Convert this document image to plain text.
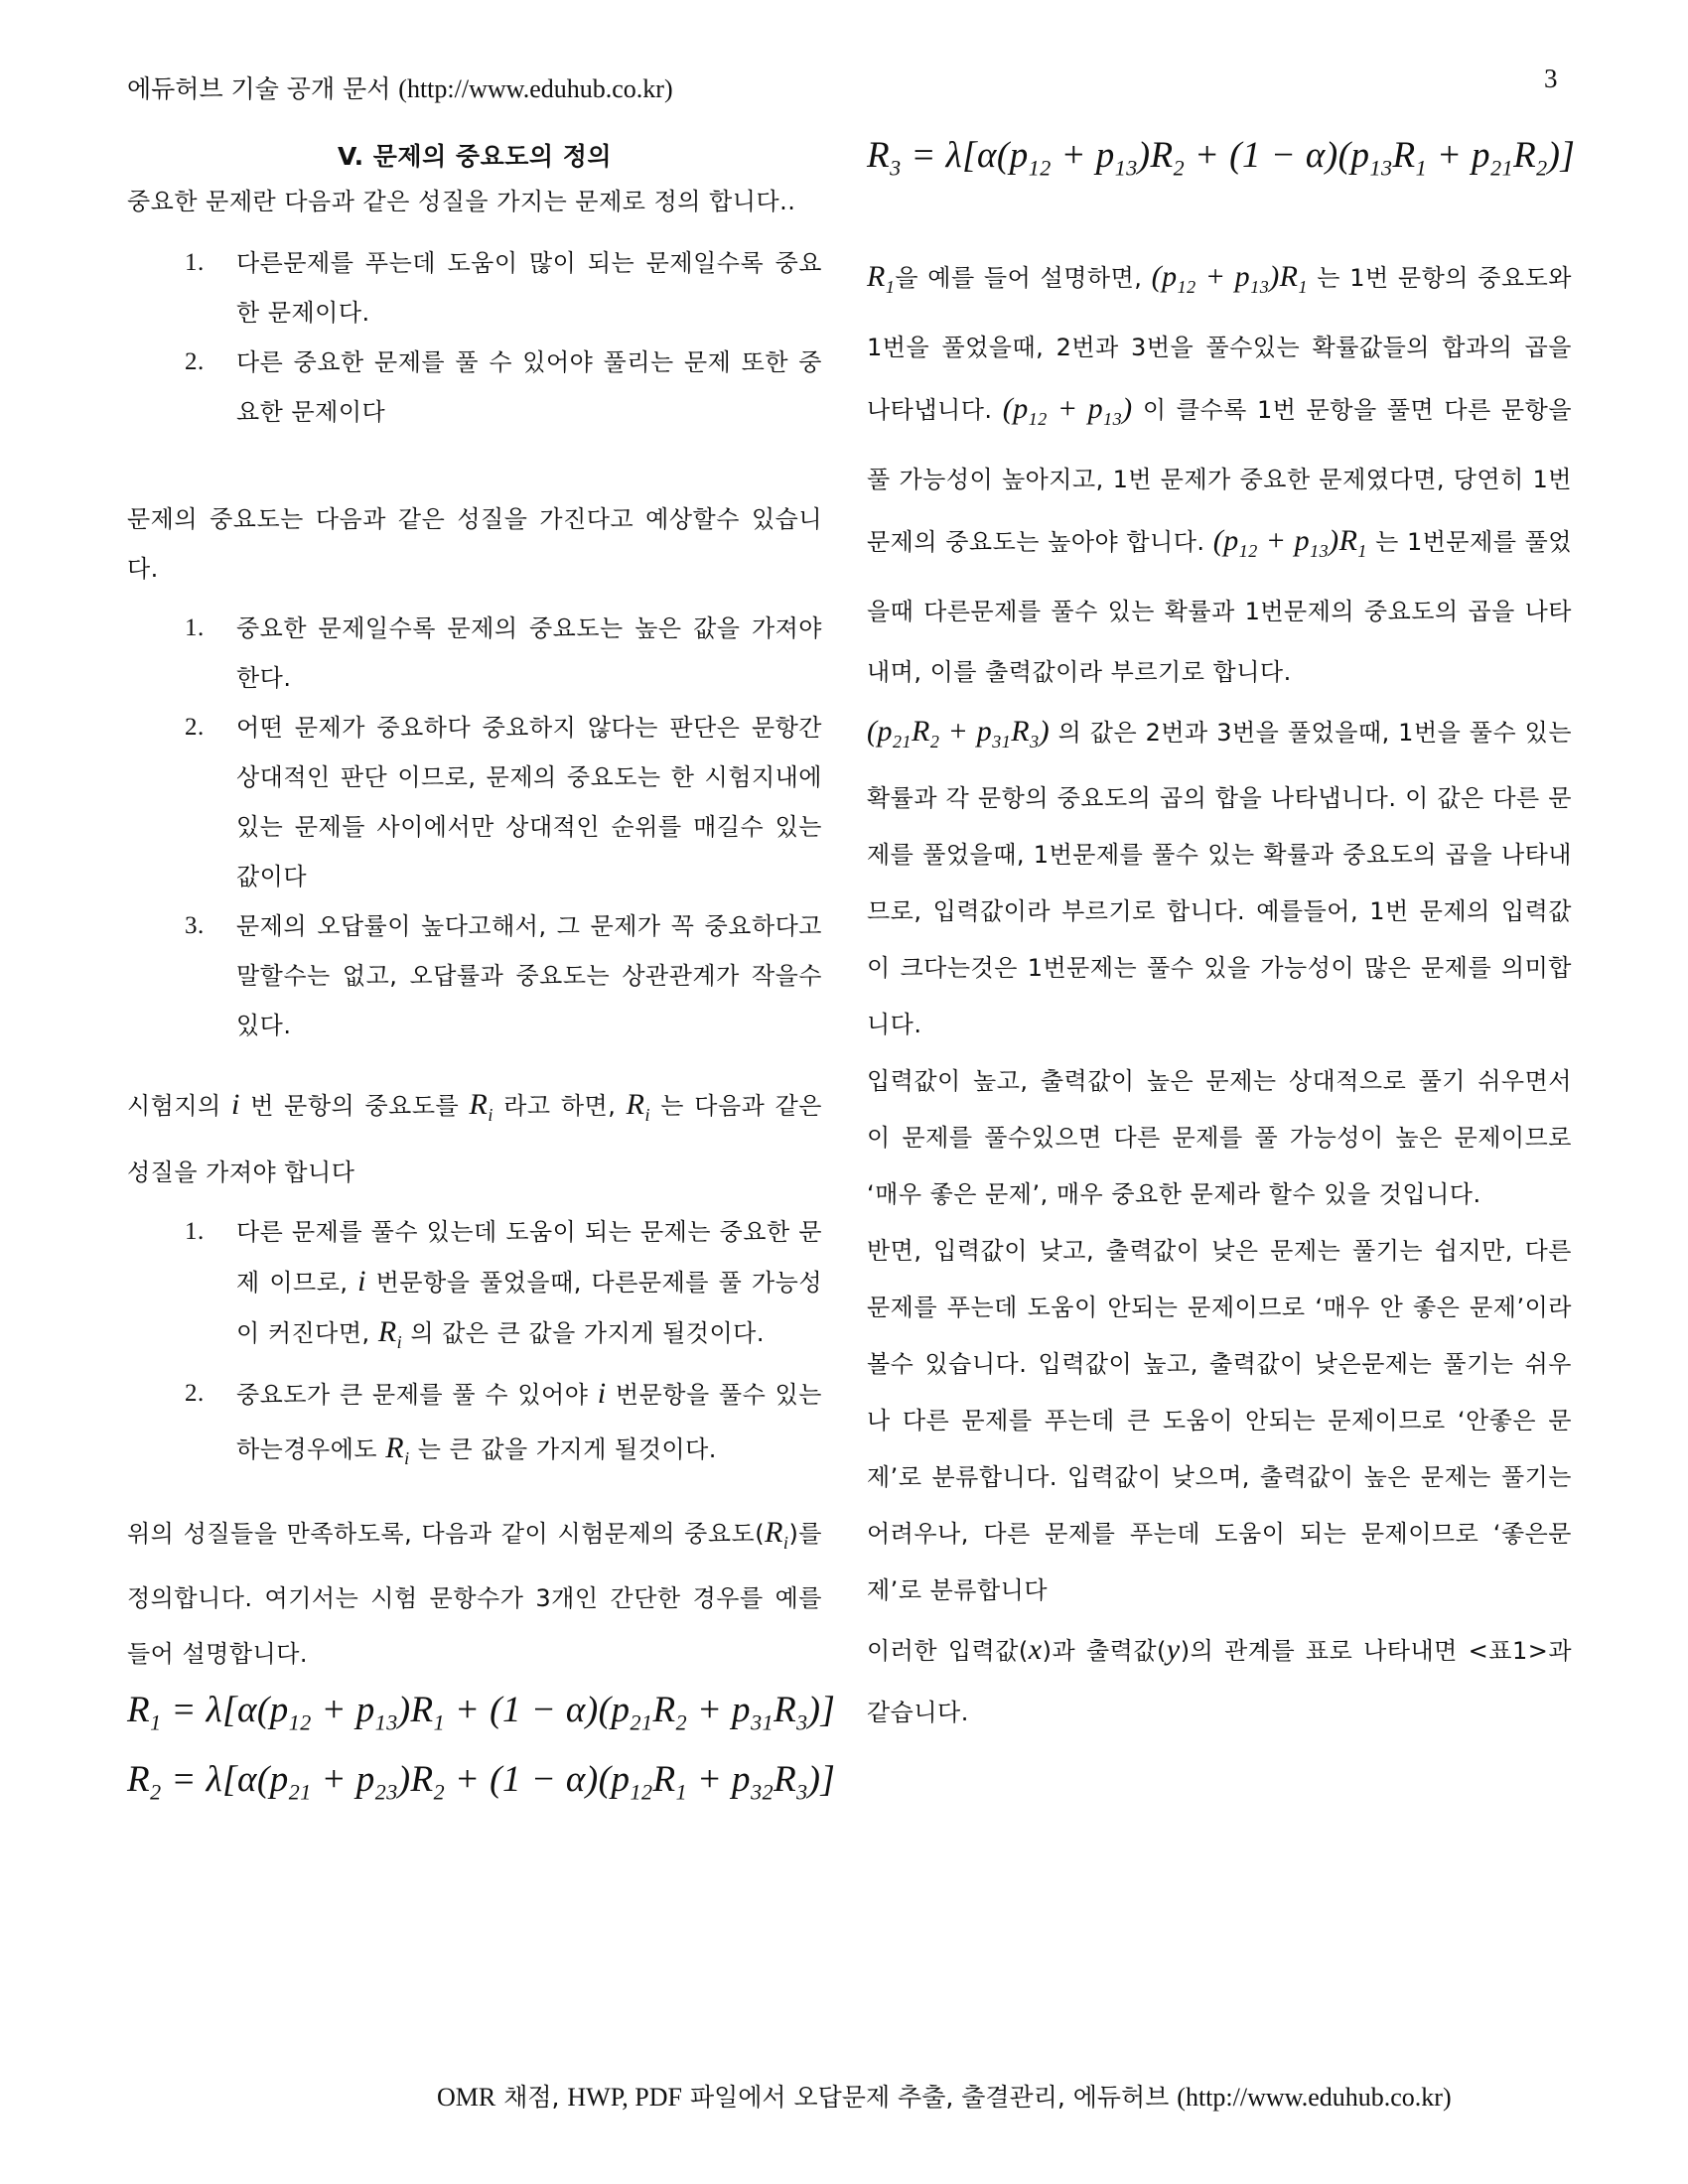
에듀허브 기술 공개 문서 (http://www.eduhub.co.kr)	3

V. 문제의 중요도의 정의

중요한 문제란 다음과 같은 성질을 가지는 문제로 정의 합니다..

1. 다른문제를 푸는데 도움이 많이 되는 문제일수록 중요한 문제이다.
2. 다른 중요한 문제를 풀 수 있어야 풀리는 문제 또한 중요한 문제이다

문제의 중요도는 다음과 같은 성질을 가진다고 예상할수 있습니다.

1. 중요한 문제일수록 문제의 중요도는 높은 값을 가져야 한다.
2. 어떤 문제가 중요하다 중요하지 않다는 판단은 문항간 상대적인 판단 이므로, 문제의 중요도는 한 시험지내에 있는 문제들 사이에서만 상대적인 순위를 매길수 있는 값이다
3. 문제의 오답률이 높다고해서, 그 문제가 꼭 중요하다고 말할수는 없고, 오답률과 중요도는 상관관계가 작을수 있다.

시험지의 i 번 문항의 중요도를 $R_i$ 라고 하면, $R_i$ 는 다음과 같은 성질을 가져야 합니다

1. 다른 문제를 풀수 있는데 도움이 되는 문제는 중요한 문제 이므로, i 번문항을 풀었을때, 다른문제를 풀 가능성이 커진다면, $R_i$ 의 값은 큰 값을 가지게 될것이다.
2. 중요도가 큰 문제를 풀 수 있어야 i 번문항을 풀수 있는 하는경우에도 $R_i$ 는 큰 값을 가지게 될것이다.

위의 성질들을 만족하도록, 다음과 같이 시험문제의 중요도$(R_i)$를 정의합니다. 여기서는 시험 문항수가 3개인 간단한 경우를 예를 들어 설명합니다.

$R_1 = \lambda[\alpha(p_{12} + p_{13})R_1 + (1 - \alpha)(p_{21}R_2 + p_{31}R_3)]$
$R_2 = \lambda[\alpha(p_{21} + p_{23})R_2 + (1 - \alpha)(p_{12}R_1 + p_{32}R_3)]$
$R_3 = \lambda[\alpha(p_{12} + p_{13})R_2 + (1 - \alpha)(p_{13}R_1 + p_{21}R_2)]$

$R_1$을 예를 들어 설명하면, $(p_{12} + p_{13})R_1$ 는 1번 문항의 중요도와 1번을 풀었을때, 2번과 3번을 풀수있는 확률값들의 합과의 곱을 나타냅니다. $(p_{12} + p_{13})$ 이 클수록 1번 문항을 풀면 다른 문항을 풀 가능성이 높아지고, 1번 문제가 중요한 문제였다면, 당연히 1번문제의 중요도는 높아야 합니다. $(p_{12} + p_{13})R_1$ 는 1번문제를 풀었을때 다른문제를 풀수 있는 확률과 1번문제의 중요도의 곱을 나타내며, 이를 출력값이라 부르기로 합니다.

$(p_{21}R_2 + p_{31}R_3)$ 의 값은 2번과 3번을 풀었을때, 1번을 풀수 있는 확률과 각 문항의 중요도의 곱의 합을 나타냅니다. 이 값은 다른 문제를 풀었을때, 1번문제를 풀수 있는 확률과 중요도의 곱을 나타내므로, 입력값이라 부르기로 합니다. 예를들어, 1번 문제의 입력값이 크다는것은 1번문제는 풀수 있을 가능성이 많은 문제를 의미합니다.

입력값이 높고, 출력값이 높은 문제는 상대적으로 풀기 쉬우면서 이 문제를 풀수있으면 다른 문제를 풀 가능성이 높은 문제이므로 ‘매우 좋은 문제’, 매우 중요한 문제라 할수 있을 것입니다.

반면, 입력값이 낮고, 출력값이 낮은 문제는 풀기는 쉽지만, 다른 문제를 푸는데 도움이 안되는 문제이므로 ‘매우 안 좋은 문제’이라 볼수 있습니다. 입력값이 높고, 출력값이 낮은문제는 풀기는 쉬우나 다른 문제를 푸는데 큰 도움이 안되는 문제이므로 ‘안좋은 문제’로 분류합니다. 입력값이 낮으며, 출력값이 높은 문제는 풀기는 어려우나, 다른 문제를 푸는데 도움이 되는 문제이므로 ‘좋은문제’로 분류합니다

이러한 입력값(x)과 출력값(y)의 관계를 표로 나타내면 <표1>과 같습니다.

OMR 채점, HWP, PDF 파일에서 오답문제 추출, 출결관리, 에듀허브 (http://www.eduhub.co.kr)
